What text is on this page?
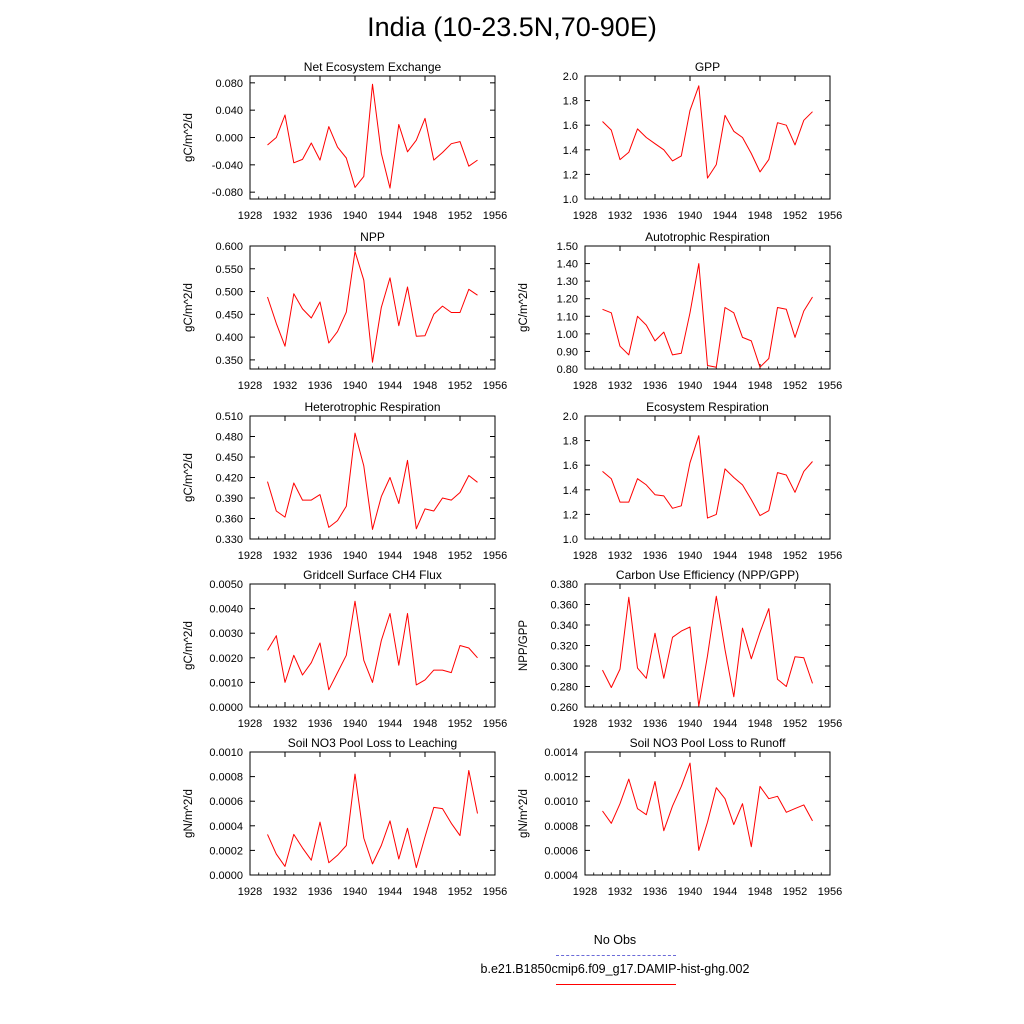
India (10-23.5N,70-90E)
Net Ecosystem Exchange
1928 1932 1936 1940 1944 1948 1952 1956
-0.080
-0.040
0.000
0.040
0.080
gC/m^2/d
GPP
1928 1932 1936 1940 1944 1948 1952 1956
1.0
1.2
1.4
1.6
1.8
2.0
NPP
1928 1932 1936 1940 1944 1948 1952 1956
0.350
0.400
0.450
0.500
0.550
0.600
gC/m^2/d
Autotrophic Respiration
1928 1932 1936 1940 1944 1948 1952 1956
0.80
0.90
1.00
1.10
1.20
1.30
1.40
1.50
gC/m^2/d
Heterotrophic Respiration
1928 1932 1936 1940 1944 1948 1952 1956
0.330
0.360
0.390
0.420
0.450
0.480
0.510
gC/m^2/d
Ecosystem Respiration
1928 1932 1936 1940 1944 1948 1952 1956
1.0
1.2
1.4
1.6
1.8
2.0
Gridcell Surface CH4 Flux
1928 1932 1936 1940 1944 1948 1952 1956
0.0000
0.0010
0.0020
0.0030
0.0040
0.0050
gC/m^2/d
Carbon Use Efficiency (NPP/GPP)
1928 1932 1936 1940 1944 1948 1952 1956
0.260
0.280
0.300
0.320
0.340
0.360
0.380
NPP/GPP
Soil NO3 Pool Loss to Leaching
1928 1932 1936 1940 1944 1948 1952 1956
0.0000
0.0002
0.0004
0.0006
0.0008
0.0010
gN/m^2/d
Soil NO3 Pool Loss to Runoff
1928 1932 1936 1940 1944 1948 1952 1956
0.0004
0.0006
0.0008
0.0010
0.0012
0.0014
gN/m^2/d
No Obs
b.e21.B1850cmip6.f09_g17.DAMIP-hist-ghg.002
